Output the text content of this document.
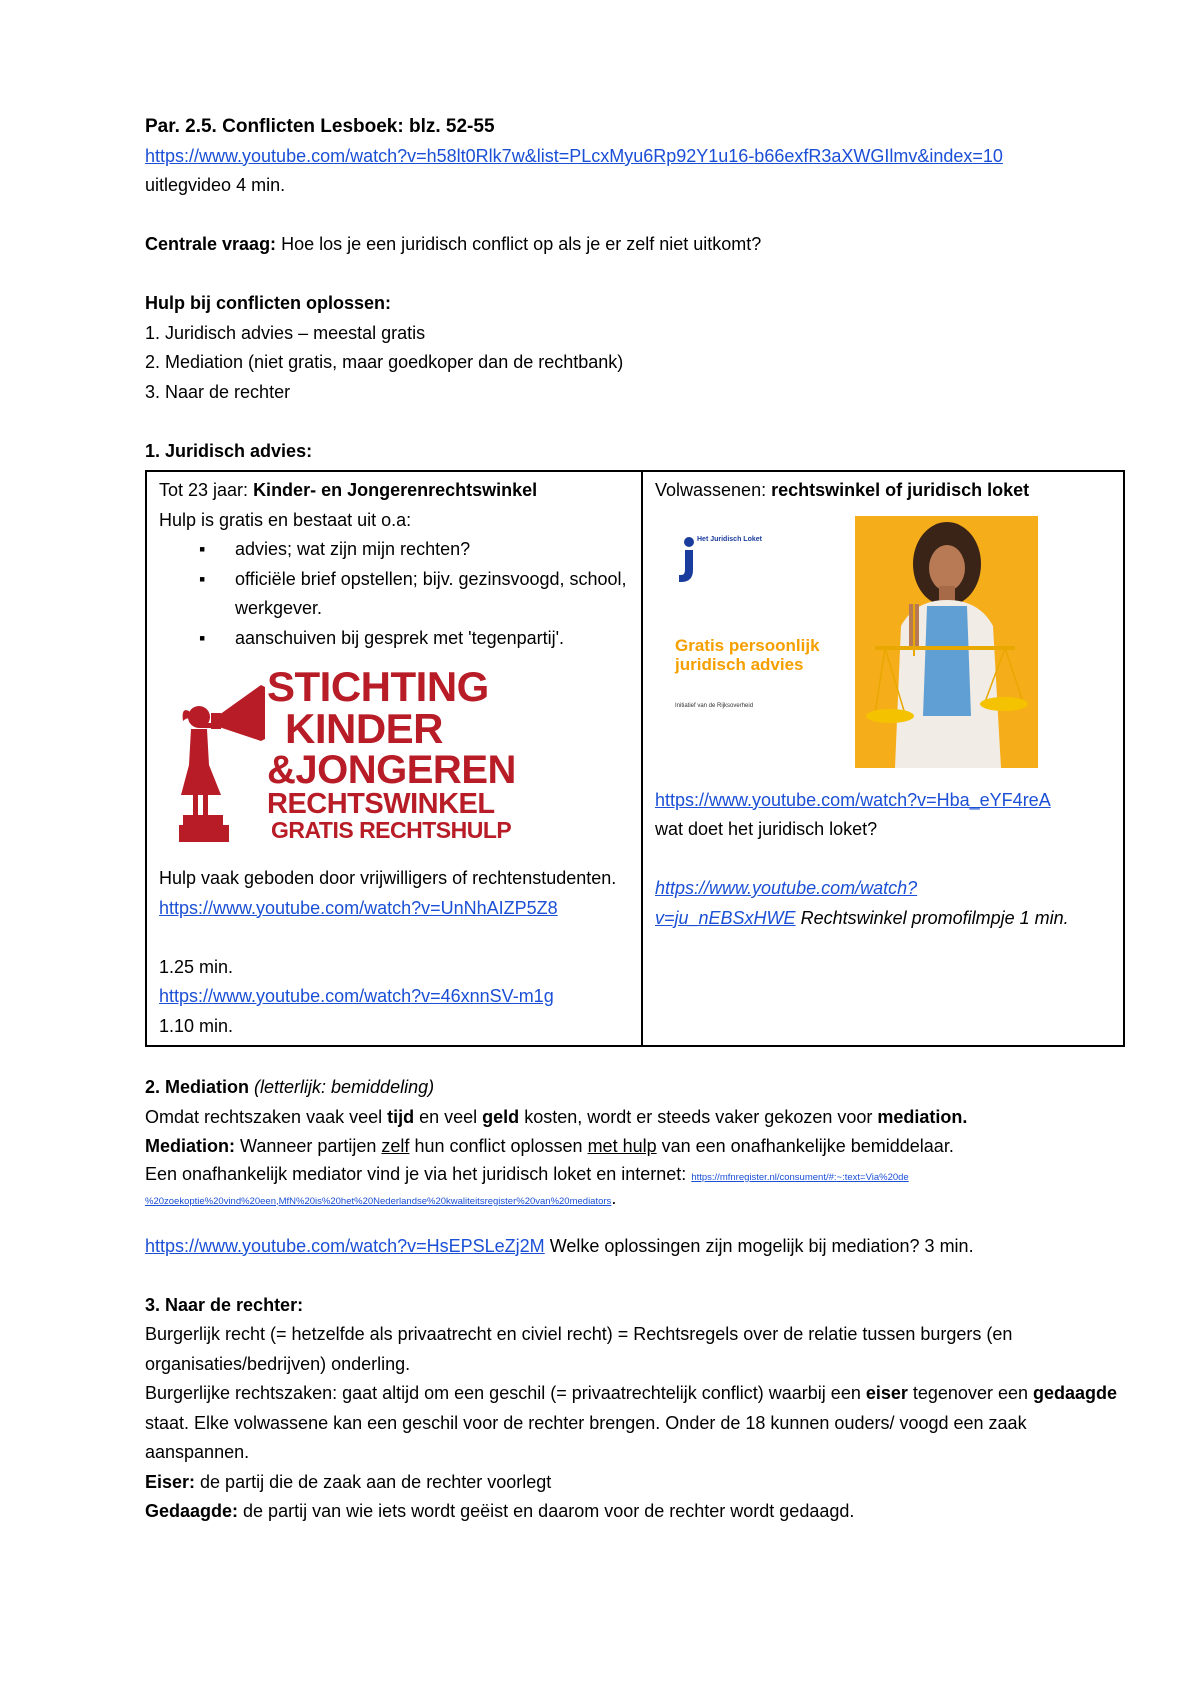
Par. 2.5. Conflicten Lesboek: blz. 52-55

https://www.youtube.com/watch?v=h58lt0Rlk7w&list=PLcxMyu6Rp92Y1u16-b66exfR3aXWGIlmv&index=10

uitlegvideo 4 min.

Centrale vraag: Hoe los je een juridisch conflict op als je er zelf niet uitkomt?

Hulp bij conflicten oplossen:

1. Juridisch advies – meestal gratis

2. Mediation (niet gratis, maar goedkoper dan de rechtbank)

3. Naar de rechter

1. Juridisch advies:

Tot 23 jaar: Kinder- en Jongerenrechtswinkel

Hulp is gratis en bestaat uit o.a:

▪ advies; wat zijn mijn rechten?
▪ officiële brief opstellen; bijv. gezinsvoogd, school, werkgever.
▪ aanschuiven bij gesprek met 'tegenpartij'.
STICHTING
KINDER
&JONGEREN
RECHTSWINKEL
GRATIS RECHTSHULP

Hulp vaak geboden door vrijwilligers of rechtenstudenten.

https://www.youtube.com/watch?v=UnNhAIZP5Z8

1.25 min.

https://www.youtube.com/watch?v=46xnnSV-m1g

1.10 min.

Volwassenen: rechtswinkel of juridisch loket

Het Juridisch Loket
Gratis persoonlijk juridisch advies
Initiatief van de Rijksoverheid

https://www.youtube.com/watch?v=Hba_eYF4reA

wat doet het juridisch loket?

https://www.youtube.com/watch?
v=ju_nEBSxHWE Rechtswinkel promofilmpje 1 min.

2. Mediation (letterlijk: bemiddeling)

Omdat rechtszaken vaak veel tijd en veel geld kosten, wordt er steeds vaker gekozen voor mediation.

Mediation: Wanneer partijen zelf hun conflict oplossen met hulp van een onafhankelijke bemiddelaar.

Een onafhankelijk mediator vind je via het juridisch loket en internet: https://mfnregister.nl/consument/#:~:text=Via%20de
%20zoekoptie%20vind%20een,MfN%20is%20het%20Nederlandse%20kwaliteitsregister%20van%20mediators.

https://www.youtube.com/watch?v=HsEPSLeZj2M Welke oplossingen zijn mogelijk bij mediation? 3 min.

3. Naar de rechter:

Burgerlijk recht (= hetzelfde als privaatrecht en civiel recht) = Rechtsregels over de relatie tussen burgers (en organisaties/bedrijven) onderling.

Burgerlijke rechtszaken: gaat altijd om een geschil (= privaatrechtelijk conflict) waarbij een eiser tegenover een gedaagde staat. Elke volwassene kan een geschil voor de rechter brengen. Onder de 18 kunnen ouders/ voogd een zaak aanspannen.

Eiser: de partij die de zaak aan de rechter voorlegt

Gedaagde: de partij van wie iets wordt geëist en daarom voor de rechter wordt gedaagd.
